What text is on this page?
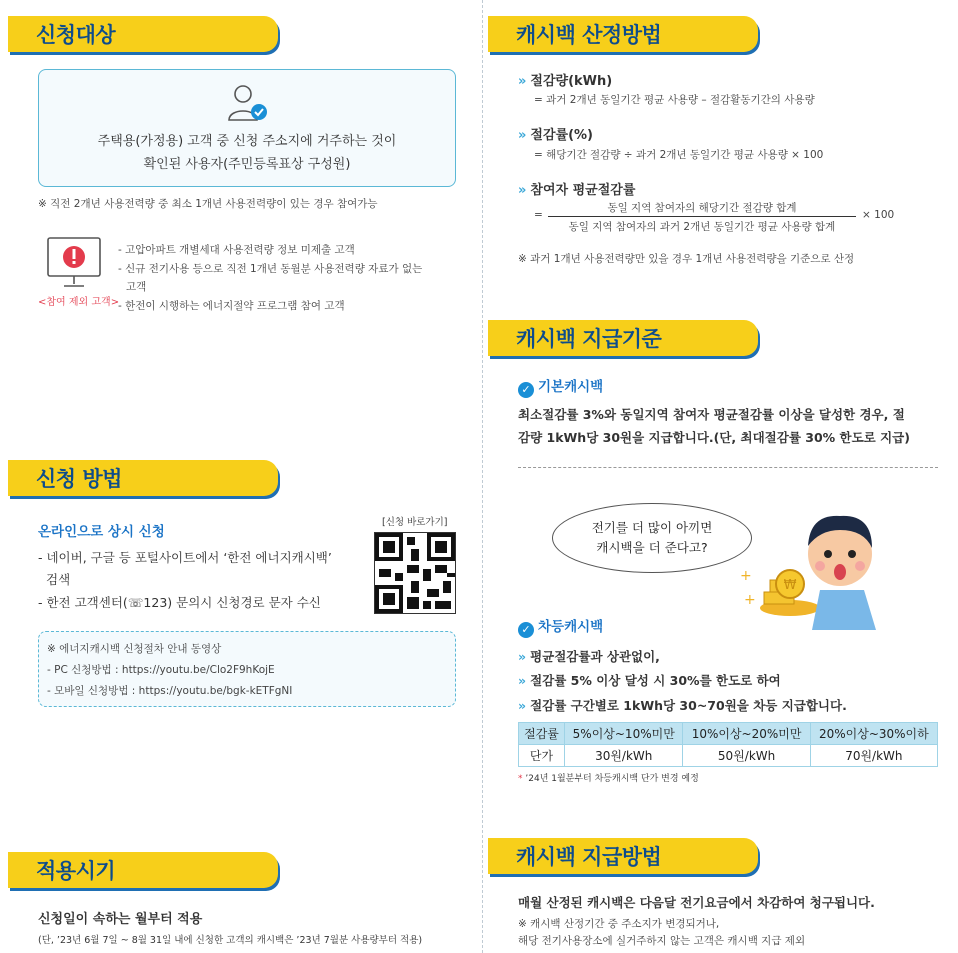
신청대상
주택용(가정용) 고객 중 신청 주소지에 거주하는 것이
확인된 사용자(주민등록표상 구성원)
※ 직전 2개년 사용전력량 중 최소 1개년 사용전력량이 있는 경우 참여가능
<참여 제외 고객>
- 고압아파트 개별세대 사용전력량 정보 미제출 고객
- 신규 전기사용 등으로 직전 1개년 동월분 사용전력량 자료가 없는
고객
- 한전이 시행하는 에너지절약 프로그램 참여 고객
신청 방법
온라인으로 상시 신청
[신청 바로가기]
- 네이버, 구글 등 포털사이트에서 ‘한전 에너지캐시백’
검색
- 한전 고객센터(☏123) 문의시 신청경로 문자 수신
※ 에너지캐시백 신청절차 안내 동영상
- PC 신청방법 : https://youtu.be/Clo2F9hKojE
- 모바일 신청방법 : https://youtu.be/bgk-kETFgNI
적용시기
신청일이 속하는 월부터 적용
(단, ’23년 6월 7일 ~ 8월 31일 내에 신청한 고객의 캐시백은 ’23년 7월분 사용량부터 적용)
캐시백 산정방법
» 절감량(kWh)
= 과거 2개년 동일기간 평균 사용량 – 절감활동기간의 사용량
» 절감률(%)
= 해당기간 절감량 ÷ 과거 2개년 동일기간 평균 사용량 × 100
» 참여자 평균절감률
=
동일 지역 참여자의 해당기간 절감량 합계
동일 지역 참여자의 과거 2개년 동일기간 평균 사용량 합계
× 100
※ 과거 1개년 사용전력량만 있을 경우 1개년 사용전력량을 기준으로 산정
캐시백 지급기준
✓ 기본캐시백
최소절감률 3%와 동일지역 참여자 평균절감률 이상을 달성한 경우, 절
감량 1kWh당 30원을 지급합니다.(단, 최대절감률 30% 한도로 지급)
전기를 더 많이 아끼면
캐시백을 더 준다고?
₩
+
+
✓ 차등캐시백
» 평균절감률과 상관없이,
» 절감률 5% 이상 달성 시 30%를 한도로 하여
» 절감률 구간별로 1kWh당 30~70원을 차등 지급합니다.
절감률	5%이상~10%미만	10%이상~20%미만	20%이상~30%이하
단가	30원/kWh	50원/kWh	70원/kWh
* ’24년 1월분부터 차등캐시백 단가 변경 예정
캐시백 지급방법
매월 산정된 캐시백은 다음달 전기요금에서 차감하여 청구됩니다.
※ 캐시백 산정기간 중 주소지가 변경되거나,
해당 전기사용장소에 실거주하지 않는 고객은 캐시백 지급 제외
